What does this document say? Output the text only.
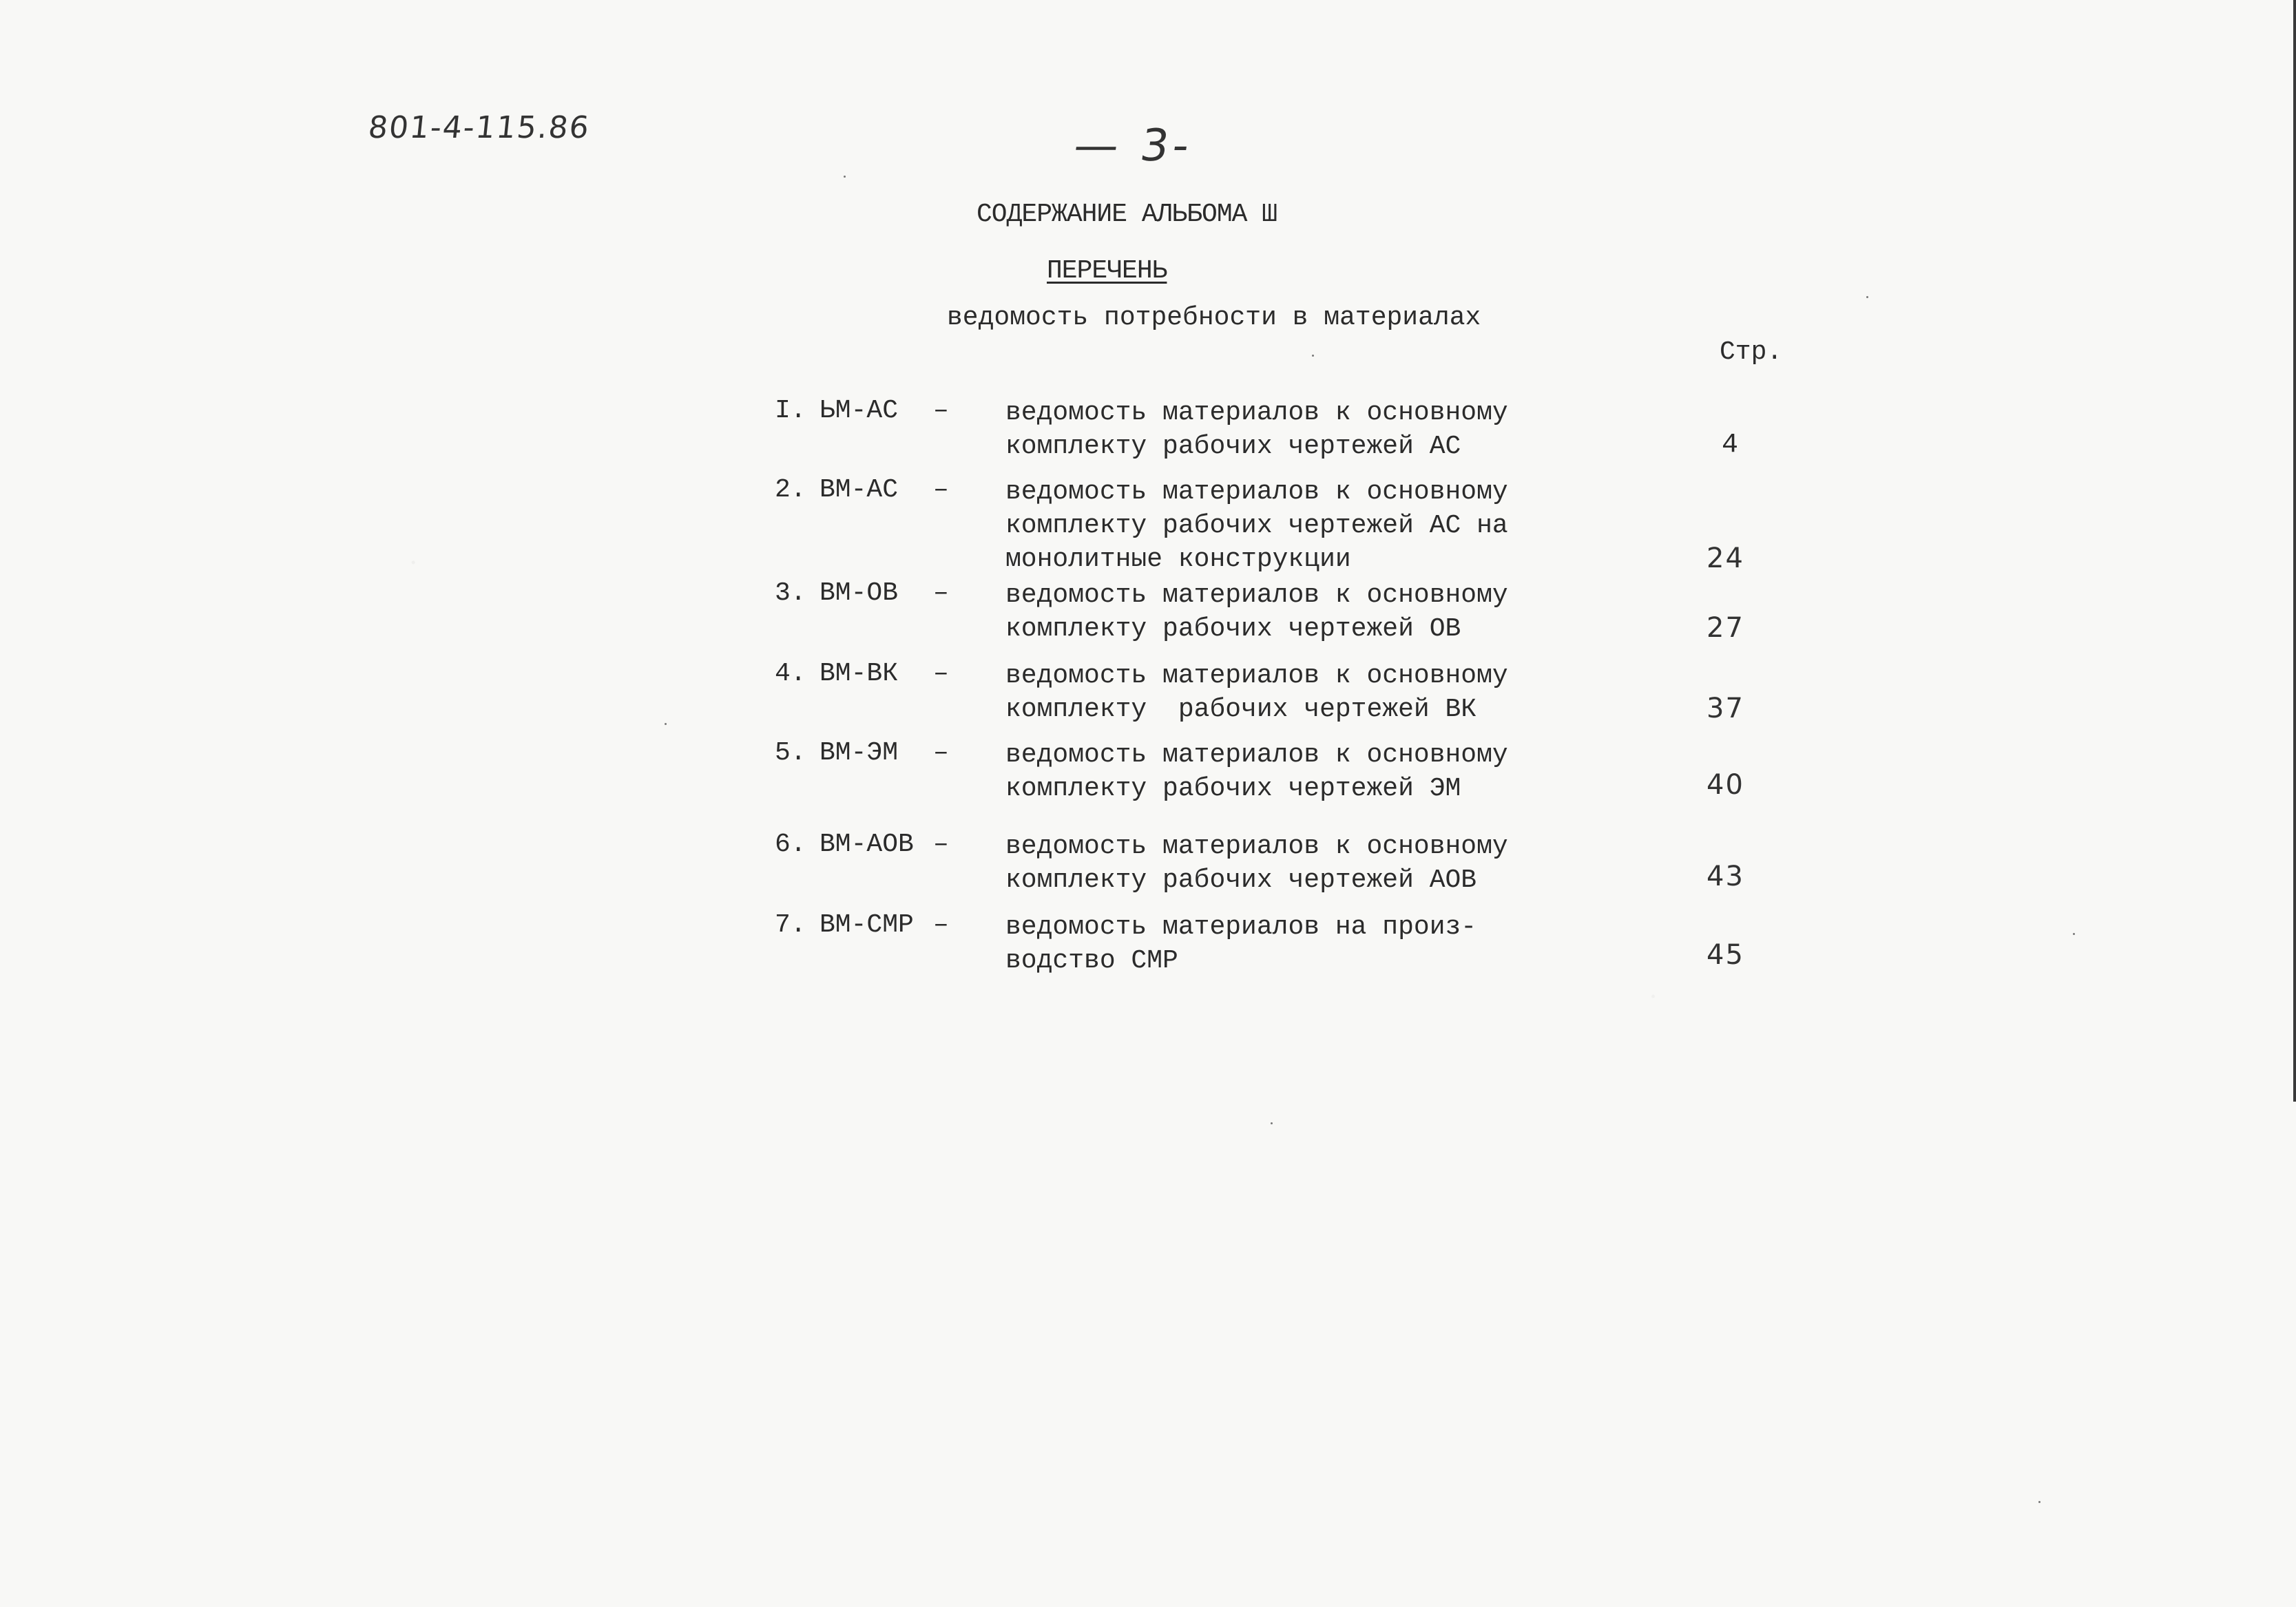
801-4-115.86	— 3-
СОДЕРЖАНИЕ АЛЬБОМА Ш
ПЕРЕЧЕНЬ
ведомость потребности в материалах
Стр.
I. ЬМ-АС – ведомость материалов к основному
комплекту рабочих чертежей АС	4
2. ВМ-АС – ведомость материалов к основному
комплекту рабочих чертежей АС на
монолитные конструкции	24
3. ВМ-ОВ – ведомость материалов к основному
комплекту рабочих чертежей ОВ	27
4. ВМ-ВК – ведомость материалов к основному
комплекту  рабочих чертежей ВК	37
5. ВМ-ЭМ – ведомость материалов к основному
комплекту рабочих чертежей ЭМ	40
6. ВМ-АОВ – ведомость материалов к основному
комплекту рабочих чертежей АОВ	43
7. ВМ-СМР – ведомость материалов на произ-
водство СМР	45
